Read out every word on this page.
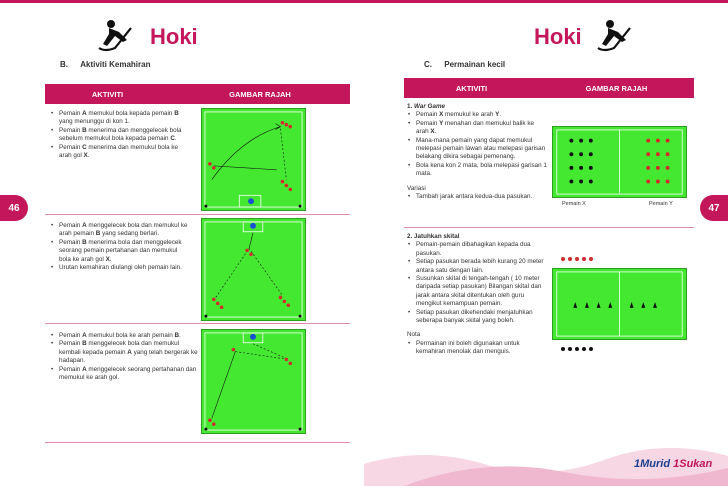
Hoki
B. Aktiviti Kemahiran
AKTIVITI	GAMBAR RAJAH
• Pemain A memukul bola kepada pemain B yang menunggu di kon 1.
• Pemain B menerima dan menggelecek bola sebelum memukul bola kepada pemain C.
• Pemain C menerima dan memukul bola ke arah gol X.
• Pemain A menggelecek bola dan memukul ke arah pemain B yang sedang berlari.
• Pemain B menerima bola dan menggelecek seorang pemain pertahanan dan memukul bola ke arah gol X.
• Urutan kemahiran diulangi oleh pemain lain.
• Pemain A memukul bola ke arah pemain B.
• Pemain B menggelecek bola dan memukul kembali kepada pemain A yang telah bergerak ke hadapan.
• Pemain A menggelecek seorang pertahanan dan memukul ke arah gol.
46
Hoki
C. Permainan kecil
AKTIVITI	GAMBAR RAJAH
1. War Game
• Pemain X memukul ke arah Y.
• Pemain Y menahan dan memukul balik ke arah X.
• Mana-mana pemain yang dapat memukul melepasi pemain lawan atau melepasi garisan belakang dikira sebagai pemenang.
• Bola kena kon 2 mata, bola melepasi garisan 1 mata.
Variasi
• Tambah jarak antara kedua-dua pasukan.
Pemain X	Pemain Y
2. Jatuhkan skital
• Pemain-pemain dibahagikan kepada dua pasukan.
• Setiap pasukan berada lebih kurang 20 meter antara satu dengan lain.
• Susunkan skital di tengah-tengah ( 10 meter daripada setiap pasukan) Bilangan skital dan jarak antara skital ditentukan oleh guru mengikut kemampuan pemain.
• Setiap pasukan dikehendaki menjatuhkan seberapa banyak skital yang boleh.
Nota
• Permainan ini boleh digunakan untuk kemahiran menolak dan menguis.
1Murid 1Sukan
47
